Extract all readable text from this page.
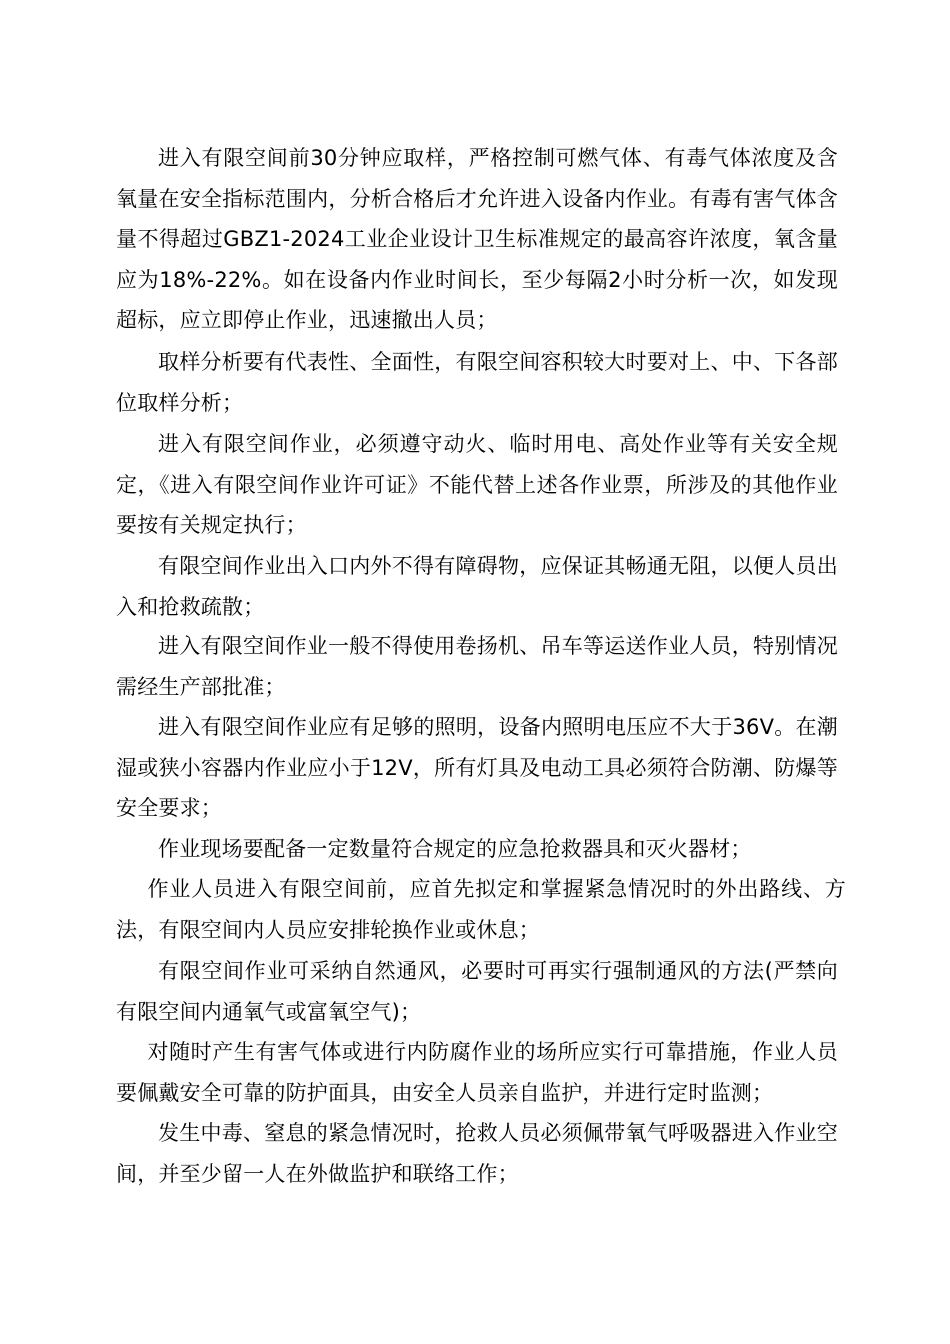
进入有限空间前30分钟应取样，严格控制可燃气体、有毒气体浓度及含氧量在安全指标范围内，分析合格后才允许进入设备内作业。有毒有害气体含量不得超过GBZ1-2024工业企业设计卫生标准规定的最高容许浓度，氧含量应为18%-22%。如在设备内作业时间长，至少每隔2小时分析一次，如发现超标，应立即停止作业，迅速撤出人员；

取样分析要有代表性、全面性，有限空间容积较大时要对上、中、下各部位取样分析；

进入有限空间作业，必须遵守动火、临时用电、高处作业等有关安全规定，《进入有限空间作业许可证》不能代替上述各作业票，所涉及的其他作业要按有关规定执行；

有限空间作业出入口内外不得有障碍物，应保证其畅通无阻，以便人员出入和抢救疏散；

进入有限空间作业一般不得使用卷扬机、吊车等运送作业人员，特别情况需经生产部批准；

进入有限空间作业应有足够的照明，设备内照明电压应不大于36V。在潮湿或狭小容器内作业应小于12V，所有灯具及电动工具必须符合防潮、防爆等安全要求；

作业现场要配备一定数量符合规定的应急抢救器具和灭火器材；

作业人员进入有限空间前，应首先拟定和掌握紧急情况时的外出路线、方法，有限空间内人员应安排轮换作业或休息；

有限空间作业可采纳自然通风，必要时可再实行强制通风的方法(严禁向有限空间内通氧气或富氧空气)；

对随时产生有害气体或进行内防腐作业的场所应实行可靠措施，作业人员要佩戴安全可靠的防护面具，由安全人员亲自监护，并进行定时监测；

发生中毒、窒息的紧急情况时，抢救人员必须佩带氧气呼吸器进入作业空间，并至少留一人在外做监护和联络工作；
